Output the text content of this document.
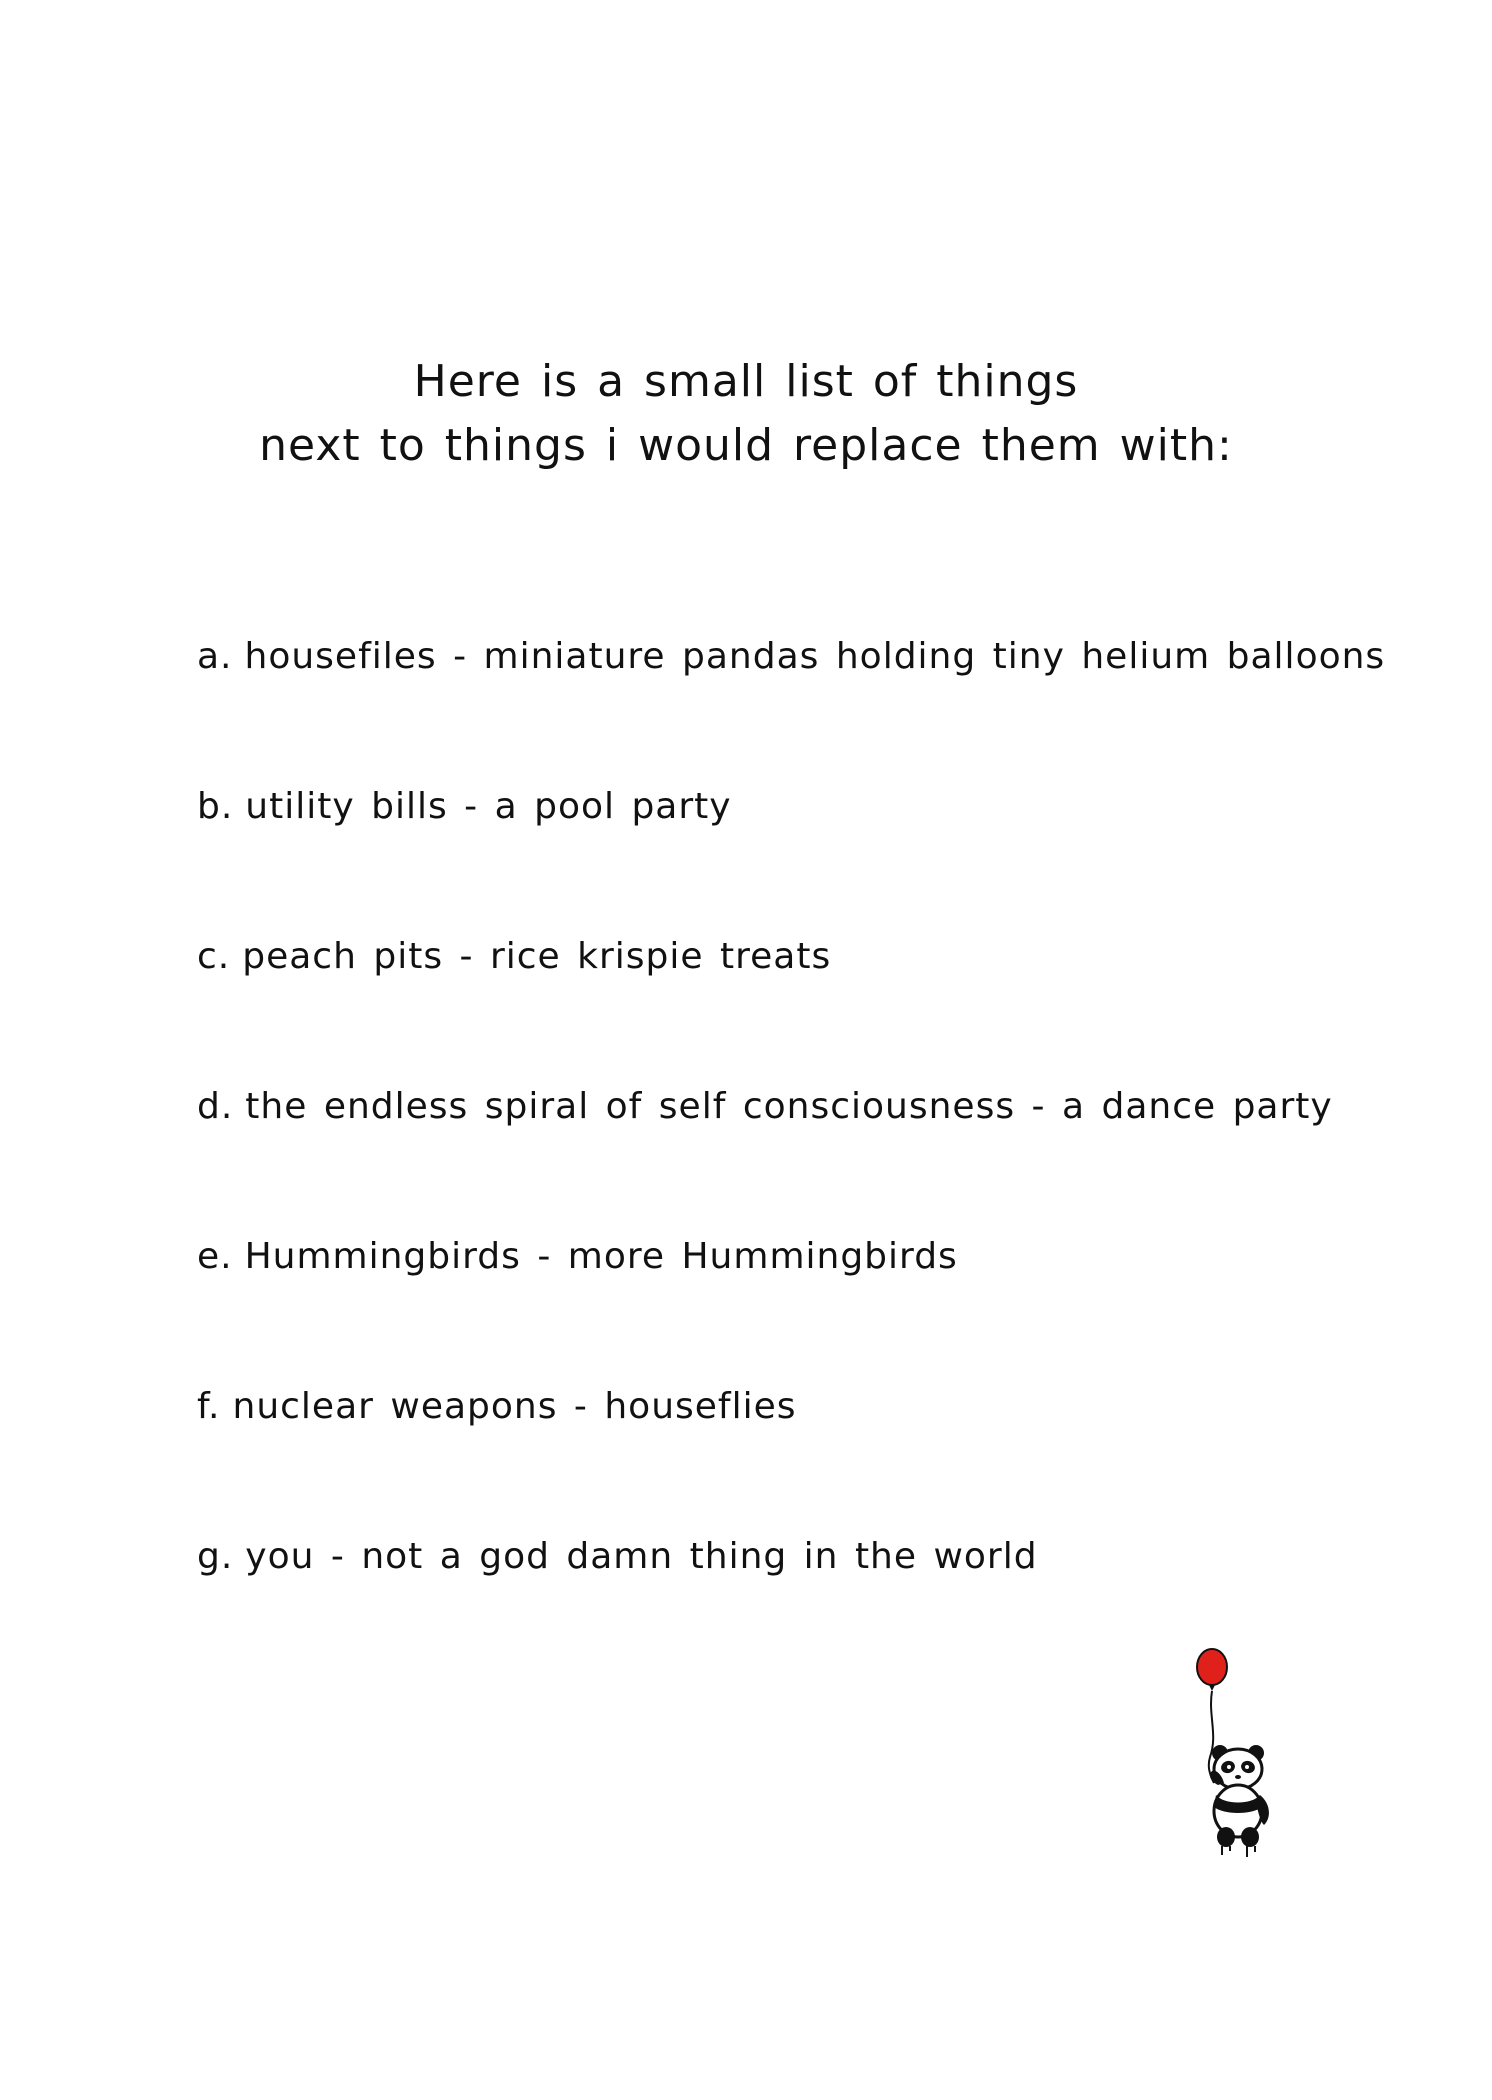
Here is a small list of things
next to things i would replace them with:
a. housefiles - miniature pandas holding tiny helium balloons
b. utility bills - a pool party
c. peach pits - rice krispie treats
d. the endless spiral of self consciousness - a dance party
e. Hummingbirds - more Hummingbirds
f. nuclear weapons - houseflies
g. you - not a god damn thing in the world
